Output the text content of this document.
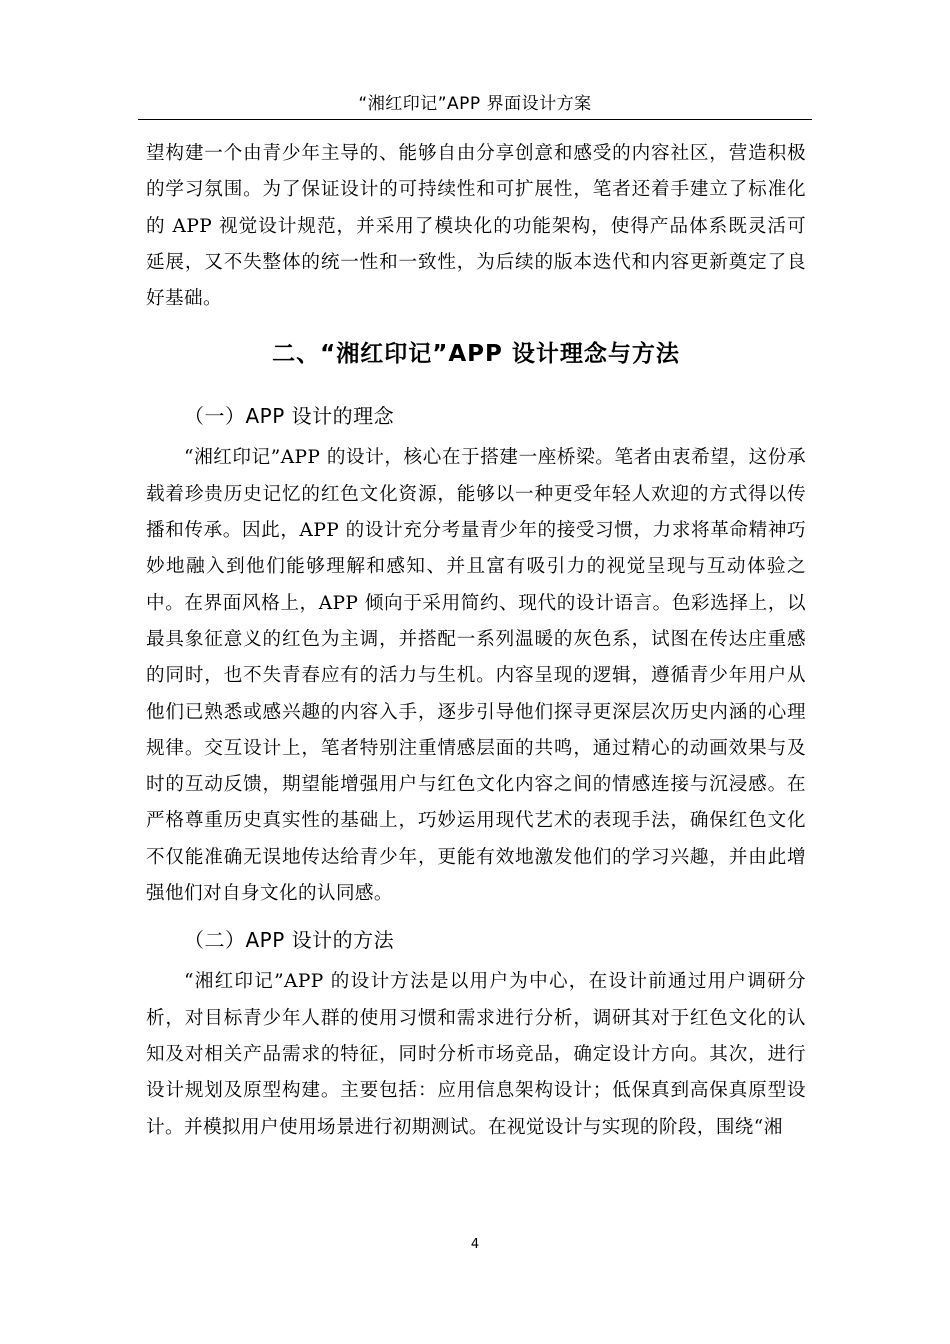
“湘红印记”APP 界面设计方案

望构建一个由青少年主导的、能够自由分享创意和感受的内容社区，营造积极的学习氛围。为了保证设计的可持续性和可扩展性，笔者还着手建立了标准化的 APP 视觉设计规范，并采用了模块化的功能架构，使得产品体系既灵活可延展，又不失整体的统一性和一致性，为后续的版本迭代和内容更新奠定了良好基础。

二、“湘红印记”APP 设计理念与方法
（一）APP 设计的理念

“湘红印记”APP 的设计，核心在于搭建一座桥梁。笔者由衷希望，这份承载着珍贵历史记忆的红色文化资源，能够以一种更受年轻人欢迎的方式得以传播和传承。因此，APP 的设计充分考量青少年的接受习惯，力求将革命精神巧妙地融入到他们能够理解和感知、并且富有吸引力的视觉呈现与互动体验之中。在界面风格上，APP 倾向于采用简约、现代的设计语言。色彩选择上，以最具象征意义的红色为主调，并搭配一系列温暖的灰色系，试图在传达庄重感的同时，也不失青春应有的活力与生机。内容呈现的逻辑，遵循青少年用户从他们已熟悉或感兴趣的内容入手，逐步引导他们探寻更深层次历史内涵的心理规律。交互设计上，笔者特别注重情感层面的共鸣，通过精心的动画效果与及时的互动反馈，期望能增强用户与红色文化内容之间的情感连接与沉浸感。在严格尊重历史真实性的基础上，巧妙运用现代艺术的表现手法，确保红色文化不仅能准确无误地传达给青少年，更能有效地激发他们的学习兴趣，并由此增强他们对自身文化的认同感。

（二）APP 设计的方法

“湘红印记”APP 的设计方法是以用户为中心，在设计前通过用户调研分析，对目标青少年人群的使用习惯和需求进行分析，调研其对于红色文化的认知及对相关产品需求的特征，同时分析市场竞品，确定设计方向。其次，进行设计规划及原型构建。主要包括：应用信息架构设计；低保真到高保真原型设计。并模拟用户使用场景进行初期测试。在视觉设计与实现的阶段，围绕“湘

4
